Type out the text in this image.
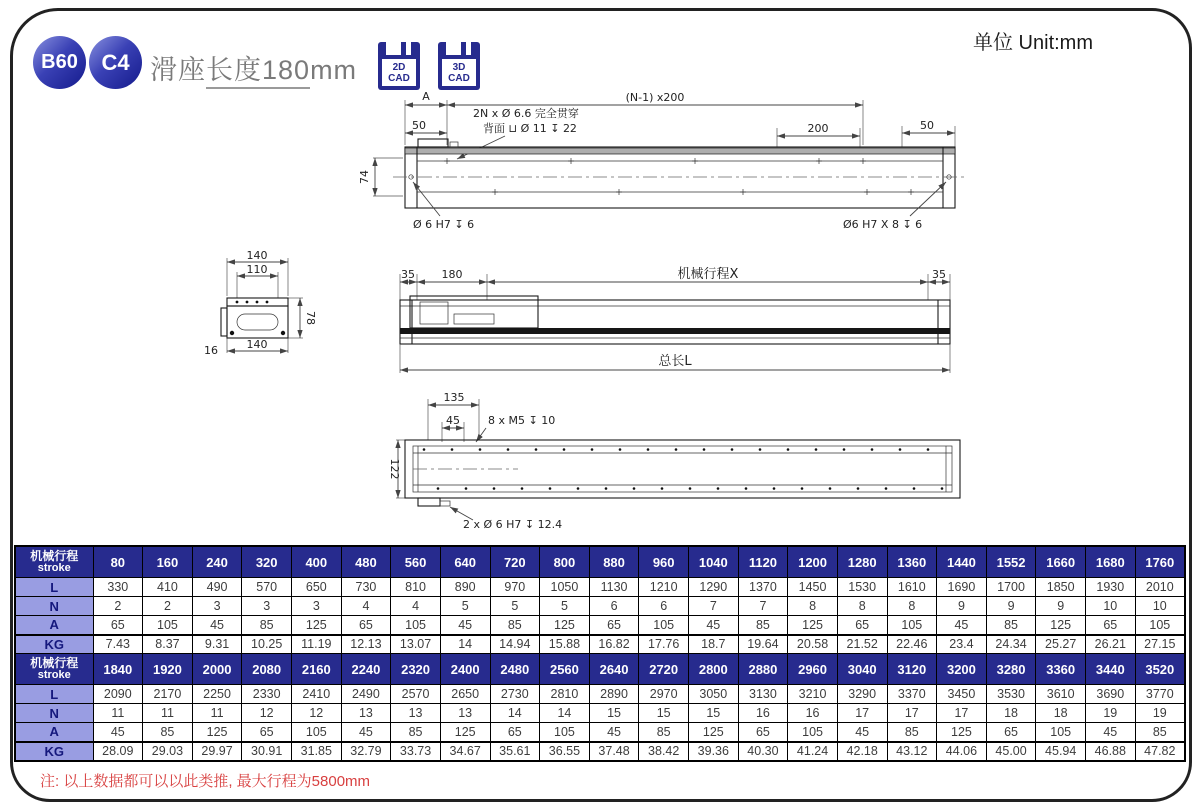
B60	C4 滑座长度180mm	2D
CAD
3D
CAD
单位 Unit:mm
A	(N-1) x200
50	200	50
74
2N x Ø 6.6 完全贯穿
背面 ⊔ Ø 11 ↧ 22
Ø 6 H7 ↧ 6	Ø6 H7 X 8 ↧ 6
140
110
78
16	140
35 180	机械行程X	35
总长L
135
45
122
8 x M5 ↧ 10
2 x Ø 6 H7 ↧ 12.4
机械行程
stroke	80	160	240	320	400	480	560	640	720	800	880	960	1040	1120	1200	1280	1360	1440	1552	1660	1680	1760
L	330	410	490	570	650	730	810	890	970	1050	1130	1210	1290	1370	1450	1530	1610	1690	1700	1850	1930	2010
N	2	2	3	3	3	4	4	5	5	5	6	6	7	7	8	8	8	9	9	9	10	10
A	65	105	45	85	125	65	105	45	85	125	65	105	45	85	125	65	105	45	85	125	65	105
KG	7.43	8.37	9.31	10.25	11.19	12.13	13.07	14	14.94	15.88	16.82	17.76	18.7	19.64	20.58	21.52	22.46	23.4	24.34	25.27	26.21	27.15

机械行程
stroke	1840	1920	2000	2080	2160	2240	2320	2400	2480	2560	2640	2720	2800	2880	2960	3040	3120	3200	3280	3360	3440	3520
L	2090	2170	2250	2330	2410	2490	2570	2650	2730	2810	2890	2970	3050	3130	3210	3290	3370	3450	3530	3610	3690	3770
N	11	11	11	12	12	13	13	13	14	14	15	15	15	16	16	17	17	17	18	18	19	19
A	45	85	125	65	105	45	85	125	65	105	45	85	125	65	105	45	85	125	65	105	45	85
KG	28.09	29.03	29.97	30.91	31.85	32.79	33.73	34.67	35.61	36.55	37.48	38.42	39.36	40.30	41.24	42.18	43.12	44.06	45.00	45.94	46.88	47.82
注: 以上数据都可以以此类推, 最大行程为5800mm
